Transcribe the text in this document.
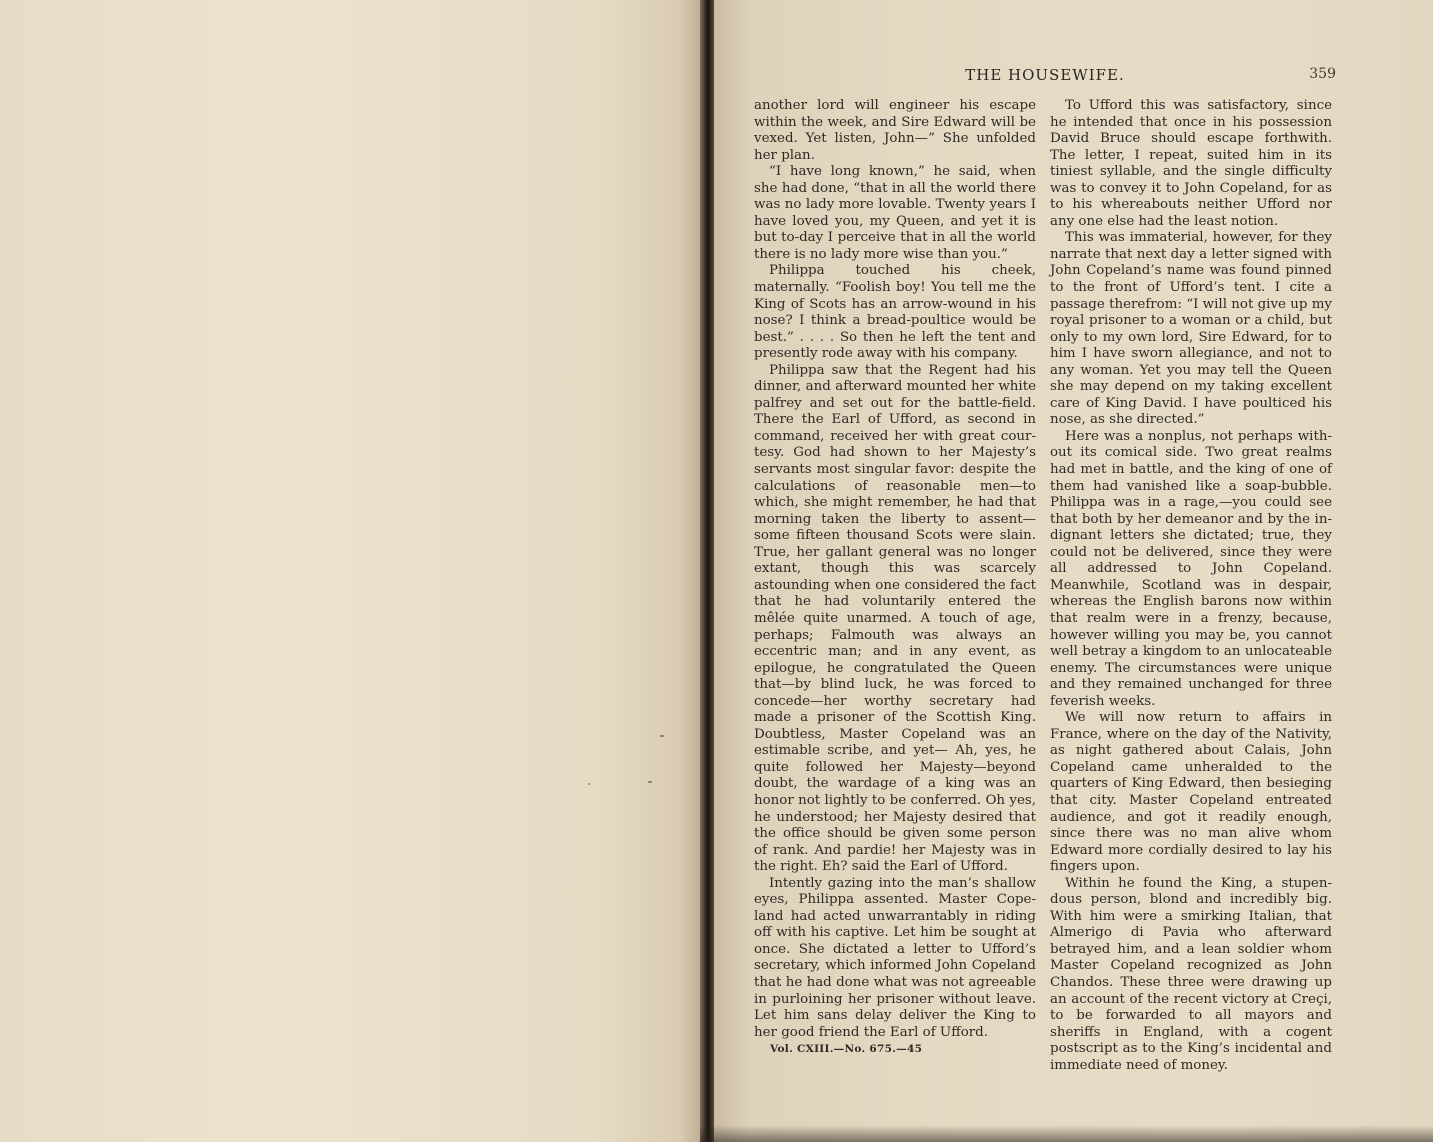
THE HOUSEWIFE.	359

another lord will engineer his escape within the week, and Sire Edward will be vexed. Yet listen, John—” She unfolded her plan.

“I have long known,” he said, when she had done, “that in all the world there was no lady more lovable. Twenty years I have loved you, my Queen, and yet it is but to-day I perceive that in all the world there is no lady more wise than you.”

Philippa touched his cheek, maternally. “Foolish boy! You tell me the King of Scots has an arrow-wound in his nose? I think a bread-poultice would be best.” . . . . So then he left the tent and presently rode away with his company.

Philippa saw that the Regent had his dinner, and afterward mounted her white palfrey and set out for the battle-field. There the Earl of Ufford, as second in command, received her with great courtesy. God had shown to her Majesty’s servants most singular favor: despite the calculations of reasonable men—to which, she might remember, he had that morning taken the liberty to assent—some fifteen thousand Scots were slain. True, her gallant general was no longer extant, though this was scarcely astounding when one considered the fact that he had voluntarily entered the mêlée quite unarmed. A touch of age, perhaps; Falmouth was always an eccentric man; and in any event, as epilogue, he congratulated the Queen that—by blind luck, he was forced to concede—her worthy secretary had made a prisoner of the Scottish King. Doubtless, Master Copeland was an estimable scribe, and yet— Ah, yes, he quite followed her Majesty—beyond doubt, the wardage of a king was an honor not lightly to be conferred. Oh yes, he understood; her Majesty desired that the office should be given some person of rank. And pardie! her Majesty was in the right. Eh? said the Earl of Ufford.

Intently gazing into the man’s shallow eyes, Philippa assented. Master Copeland had acted unwarrantably in riding off with his captive. Let him be sought at once. She dictated a letter to Ufford’s secretary, which informed John Copeland that he had done what was not agreeable in purloining her prisoner without leave. Let him sans delay deliver the King to her good friend the Earl of Ufford.

To Ufford this was satisfactory, since he intended that once in his possession David Bruce should escape forthwith. The letter, I repeat, suited him in its tiniest syllable, and the single difficulty was to convey it to John Copeland, for as to his whereabouts neither Ufford nor any one else had the least notion.

This was immaterial, however, for they narrate that next day a letter signed with John Copeland’s name was found pinned to the front of Ufford’s tent. I cite a passage therefrom: “I will not give up my royal prisoner to a woman or a child, but only to my own lord, Sire Edward, for to him I have sworn allegiance, and not to any woman. Yet you may tell the Queen she may depend on my taking excellent care of King David. I have poulticed his nose, as she directed.”

Here was a nonplus, not perhaps without its comical side. Two great realms had met in battle, and the king of one of them had vanished like a soap-bubble. Philippa was in a rage,—you could see that both by her demeanor and by the indignant letters she dictated; true, they could not be delivered, since they were all addressed to John Copeland. Meanwhile, Scotland was in despair, whereas the English barons now within that realm were in a frenzy, because, however willing you may be, you cannot well betray a kingdom to an unlocateable enemy. The circumstances were unique and they remained unchanged for three feverish weeks.

We will now return to affairs in France, where on the day of the Nativity, as night gathered about Calais, John Copeland came unheralded to the quarters of King Edward, then besieging that city. Master Copeland entreated audience, and got it readily enough, since there was no man alive whom Edward more cordially desired to lay his fingers upon.

Within he found the King, a stupendous person, blond and incredibly big. With him were a smirking Italian, that Almerigo di Pavia who afterward betrayed him, and a lean soldier whom Master Copeland recognized as John Chandos. These three were drawing up an account of the recent victory at Creçi, to be forwarded to all mayors and sheriffs in England, with a cogent postscript as to the King’s incidental and immediate need of money.

Vol. CXIII.—No. 675.—45
